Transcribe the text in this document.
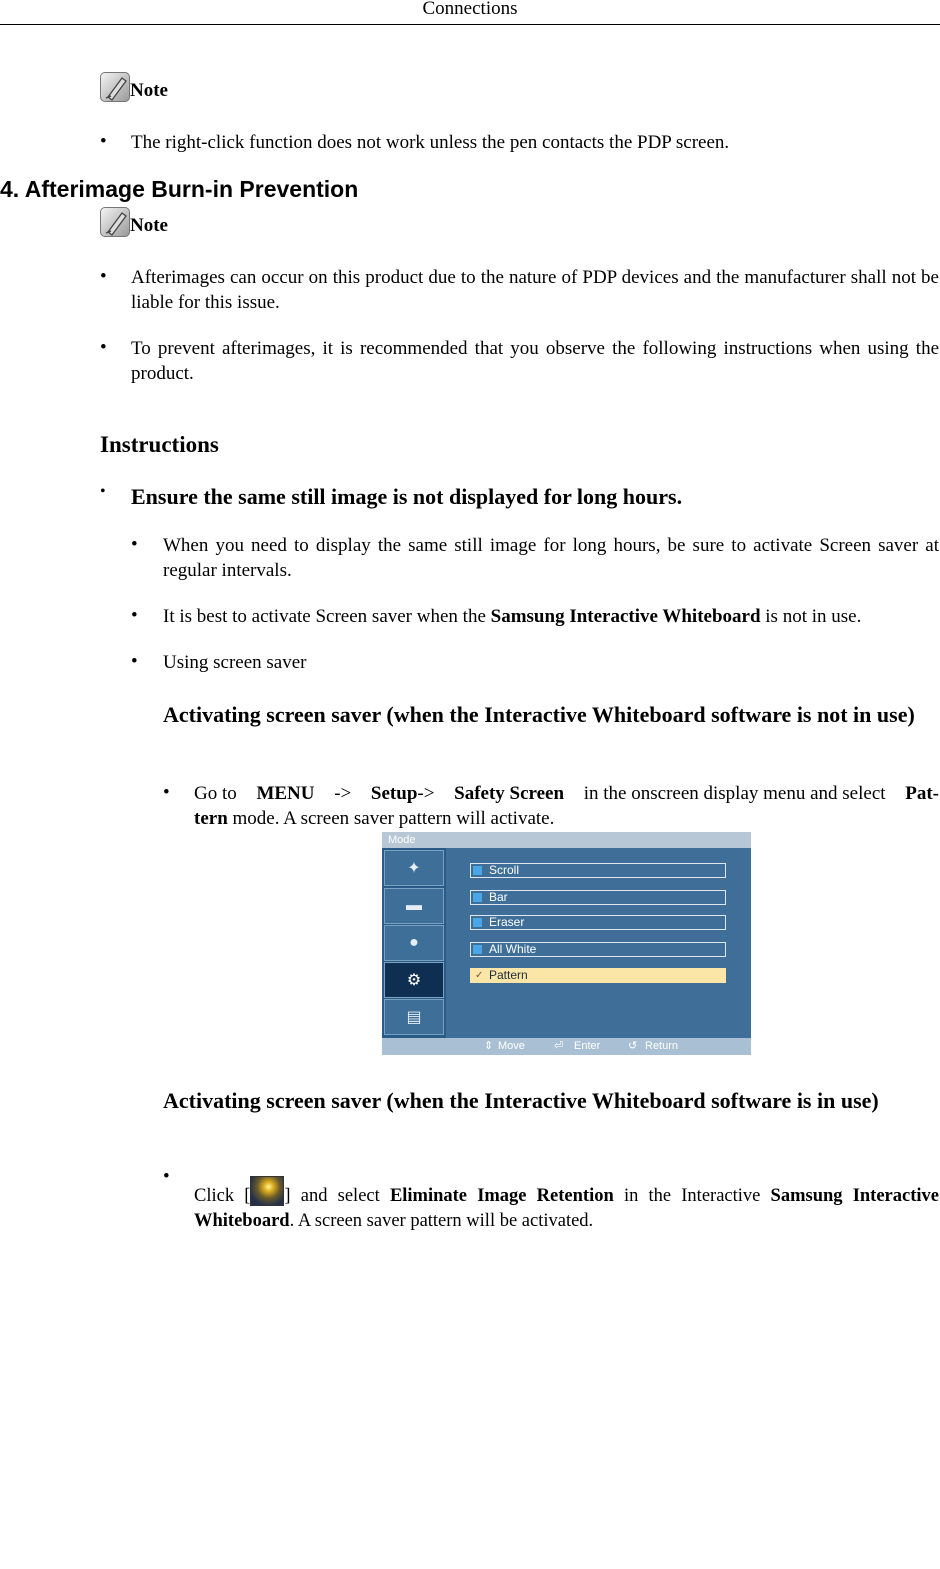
Connections
Note
• The right-click function does not work unless the pen contacts the PDP screen.
4. Afterimage Burn-in Prevention
Note
• Afterimages can occur on this product due to the nature of PDP devices and the manufacturer shall not be liable for this issue.
• To prevent afterimages, it is recommended that you observe the following instructions when using the product.
Instructions
• Ensure the same still image is not displayed for long hours.
• When you need to display the same still image for long hours, be sure to activate Screen saver at regular intervals.
• It is best to activate Screen saver when the Samsung Interactive Whiteboard is not in use.
• Using screen saver
Activating screen saver (when the Interactive Whiteboard software is not in use)
• Go to MENU -> Setup-> Safety Screen in the onscreen display menu and select Pat-
tern mode. A screen saver pattern will activate.
Mode
✦
▬
●
⚙
▤
Scroll
Bar
Eraser
All White
✓ Pattern
⇕ Move	⏎ Enter	↺ Return
Activating screen saver (when the Interactive Whiteboard software is in use)
•
Click [ ] and select Eliminate Image Retention in the Interactive Samsung Interactive Whiteboard. A screen saver pattern will be activated.
